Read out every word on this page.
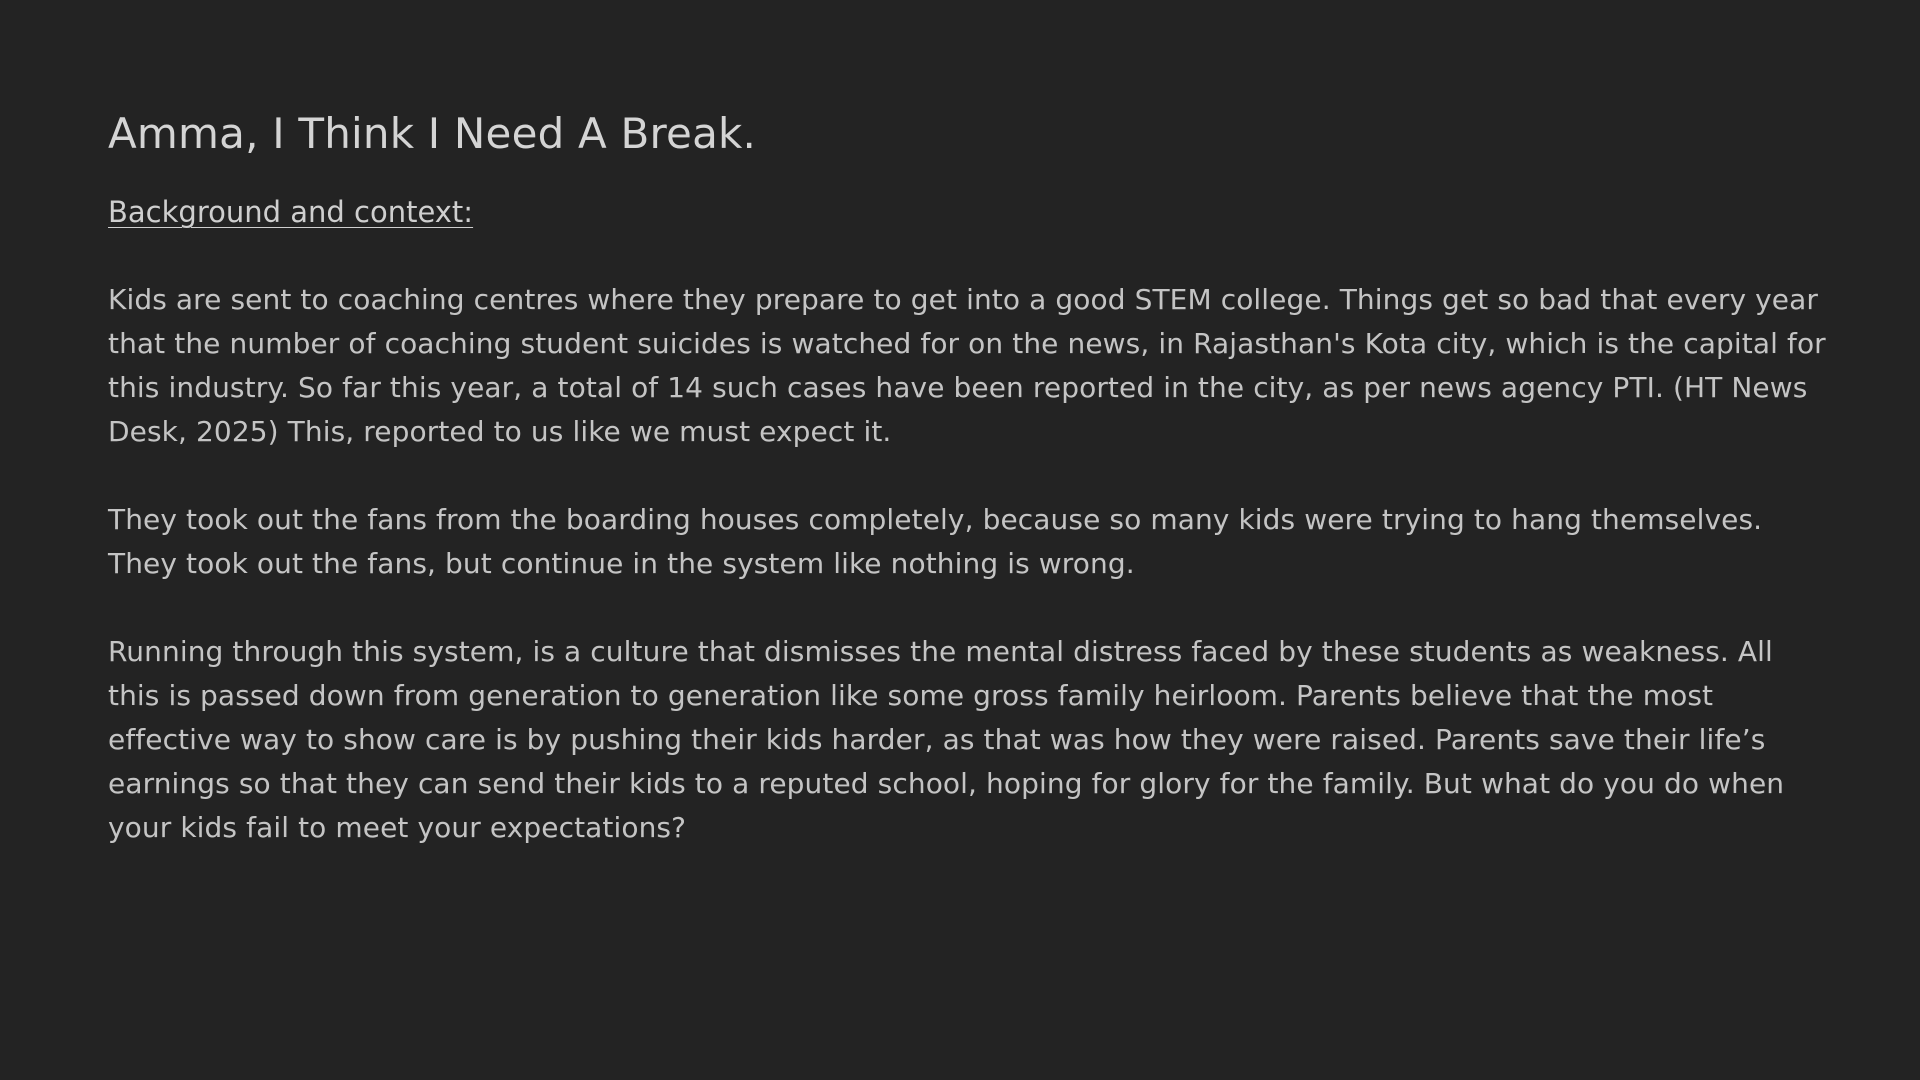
Amma, I Think I Need A Break.
Background and context:

Kids are sent to coaching centres where they prepare to get into a good STEM college. Things get so bad that every year that the number of coaching student suicides is watched for on the news, in Rajasthan's Kota city, which is the capital for this industry. So far this year, a total of 14 such cases have been reported in the city, as per news agency PTI. (HT News Desk, 2025) This, reported to us like we must expect it.

They took out the fans from the boarding houses completely, because so many kids were trying to hang themselves. They took out the fans, but continue in the system like nothing is wrong.

Running through this system, is a culture that dismisses the mental distress faced by these students as weakness. All this is passed down from generation to generation like some gross family heirloom. Parents believe that the most effective way to show care is by pushing their kids harder, as that was how they were raised. Parents save their life’s earnings so that they can send their kids to a reputed school, hoping for glory for the family. But what do you do when your kids fail to meet your expectations?
